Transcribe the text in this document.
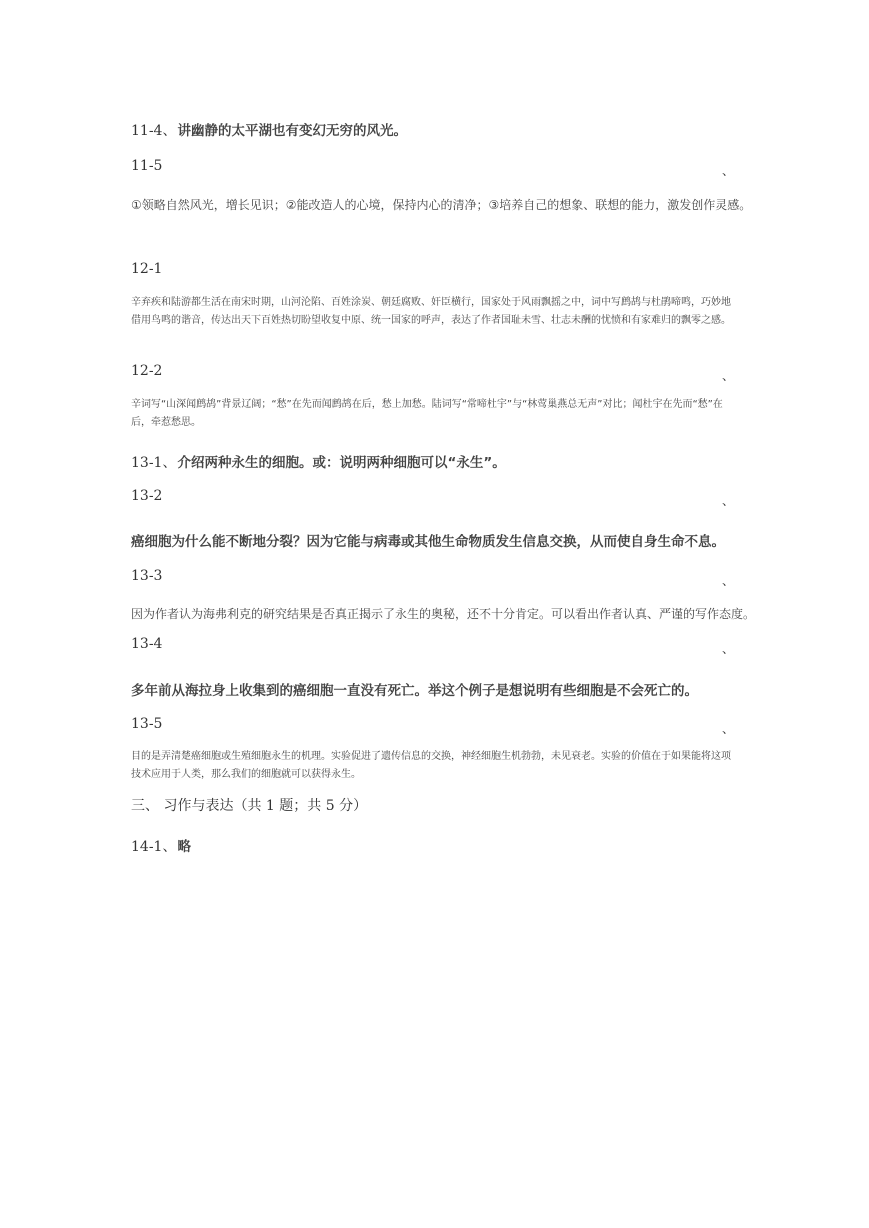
11-4、讲幽静的太平湖也有变幻无穷的风光。
11-5	、
①领略自然风光，增长见识；②能改造人的心境，保持内心的清净；③培养自己的想象、联想的能力，激发创作灵感。
12-1
辛弃疾和陆游都生活在南宋时期，山河沦陷、百姓涂炭、朝廷腐败、奸臣横行，国家处于风雨飘摇之中，词中写鹧鸪与杜鹃啼鸣，巧妙地借用鸟鸣的谐音，传达出天下百姓热切盼望收复中原、统一国家的呼声，表达了作者国耻未雪、壮志未酬的忧愤和有家难归的飘零之感。
12-2	、
辛词写“山深闻鹧鸪”背景辽阔；“愁”在先而闻鹧鸪在后，愁上加愁。陆词写“常啼杜宇”与“林莺巢燕总无声”对比；闻杜宇在先而“愁”在后，牵惹愁思。
13-1、介绍两种永生的细胞。或：说明两种细胞可以“永生”。
13-2	、
癌细胞为什么能不断地分裂？因为它能与病毒或其他生命物质发生信息交换，从而使自身生命不息。
13-3	、
因为作者认为海弗利克的研究结果是否真正揭示了永生的奥秘，还不十分肯定。可以看出作者认真、严谨的写作态度。
13-4	、
多年前从海拉身上收集到的癌细胞一直没有死亡。举这个例子是想说明有些细胞是不会死亡的。
13-5	、
目的是弄清楚癌细胞或生殖细胞永生的机理。实验促进了遗传信息的交换，神经细胞生机勃勃，未见衰老。实验的价值在于如果能将这项技术应用于人类，那么我们的细胞就可以获得永生。
三、 习作与表达（共 1 题；共 5 分）
14-1、略
